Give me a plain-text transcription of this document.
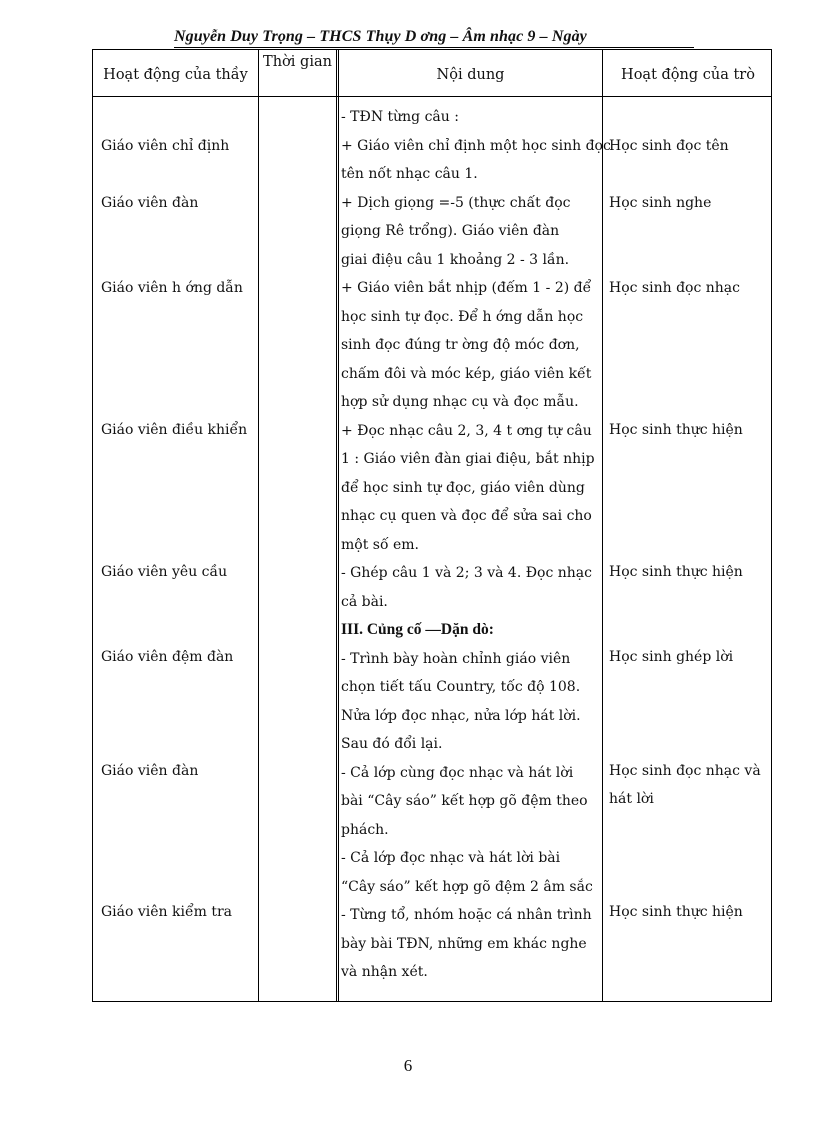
Nguyễn Duy Trọng – THCS Thụy D ơng – Âm nhạc 9 – Ngày
Hoạt động của thầy
Thời gian
Nội dung	Hoạt động của trò
Giáo viên chỉ định
Giáo viên đàn
Giáo viên h ớng dẫn
Giáo viên điều khiển
Giáo viên yêu cầu
Giáo viên đệm đàn
Giáo viên đàn
Giáo viên kiểm tra
- TĐN từng câu :
+ Giáo viên chỉ định một học sinh đọc
tên nốt nhạc câu 1.
+ Dịch giọng =-5 (thực chất đọc
giọng Rê trổng). Giáo viên đàn
giai điệu câu 1 khoảng 2 - 3 lần.
+ Giáo viên bắt nhịp (đếm 1 - 2) để
học sinh tự đọc. Để h ớng dẫn học
sinh đọc đúng tr ờng độ móc đơn,
chấm đôi và móc kép, giáo viên kết
hợp sử dụng nhạc cụ và đọc mẫu.
+ Đọc nhạc câu 2, 3, 4 t ơng tự câu
1 : Giáo viên đàn giai điệu, bắt nhịp
để học sinh tự đọc, giáo viên dùng
nhạc cụ quen và đọc để sửa sai cho
một số em.
- Ghép câu 1 và 2; 3 và 4. Đọc nhạc
cả bài.
III. Củng cố —Dặn dò:
- Trình bày hoàn chỉnh giáo viên
chọn tiết tấu Country, tốc độ 108.
Nửa lớp đọc nhạc, nửa lớp hát lời.
Sau đó đổi lại.
- Cả lớp cùng đọc nhạc và hát lời
bài “Cây sáo” kết hợp gõ đệm theo
phách.
- Cả lớp đọc nhạc và hát lời bài
“Cây sáo” kết hợp gõ đệm 2 âm sắc
- Từng tổ, nhóm hoặc cá nhân trình
bày bài TĐN, những em khác nghe
và nhận xét.
Học sinh đọc tên
Học sinh nghe
Học sinh đọc nhạc
Học sinh thực hiện
Học sinh thực hiện
Học sinh ghép lời
Học sinh đọc nhạc và
hát lời
Học sinh thực hiện
6
